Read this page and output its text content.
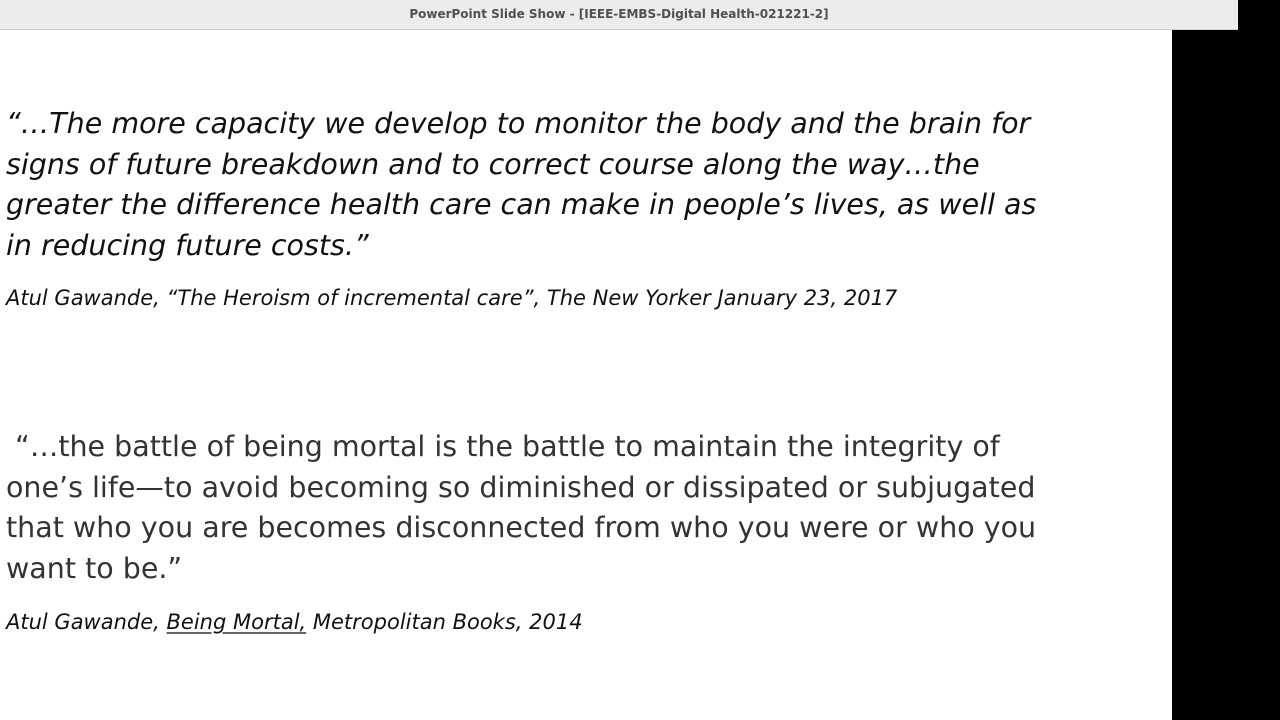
PowerPoint Slide Show - [IEEE-EMBS-Digital Health-021221-2]

“…The more capacity we develop to monitor the body and the brain for
signs of future breakdown and to correct course along the way…the
greater the difference health care can make in people’s lives, as well as
in reducing future costs.”

Atul Gawande, “The Heroism of incremental care”, The New Yorker January 23, 2017

“…the battle of being mortal is the battle to maintain the integrity of
one’s life—to avoid becoming so diminished or dissipated or subjugated
that who you are becomes disconnected from who you were or who you
want to be.”

Atul Gawande, Being Mortal, Metropolitan Books, 2014
